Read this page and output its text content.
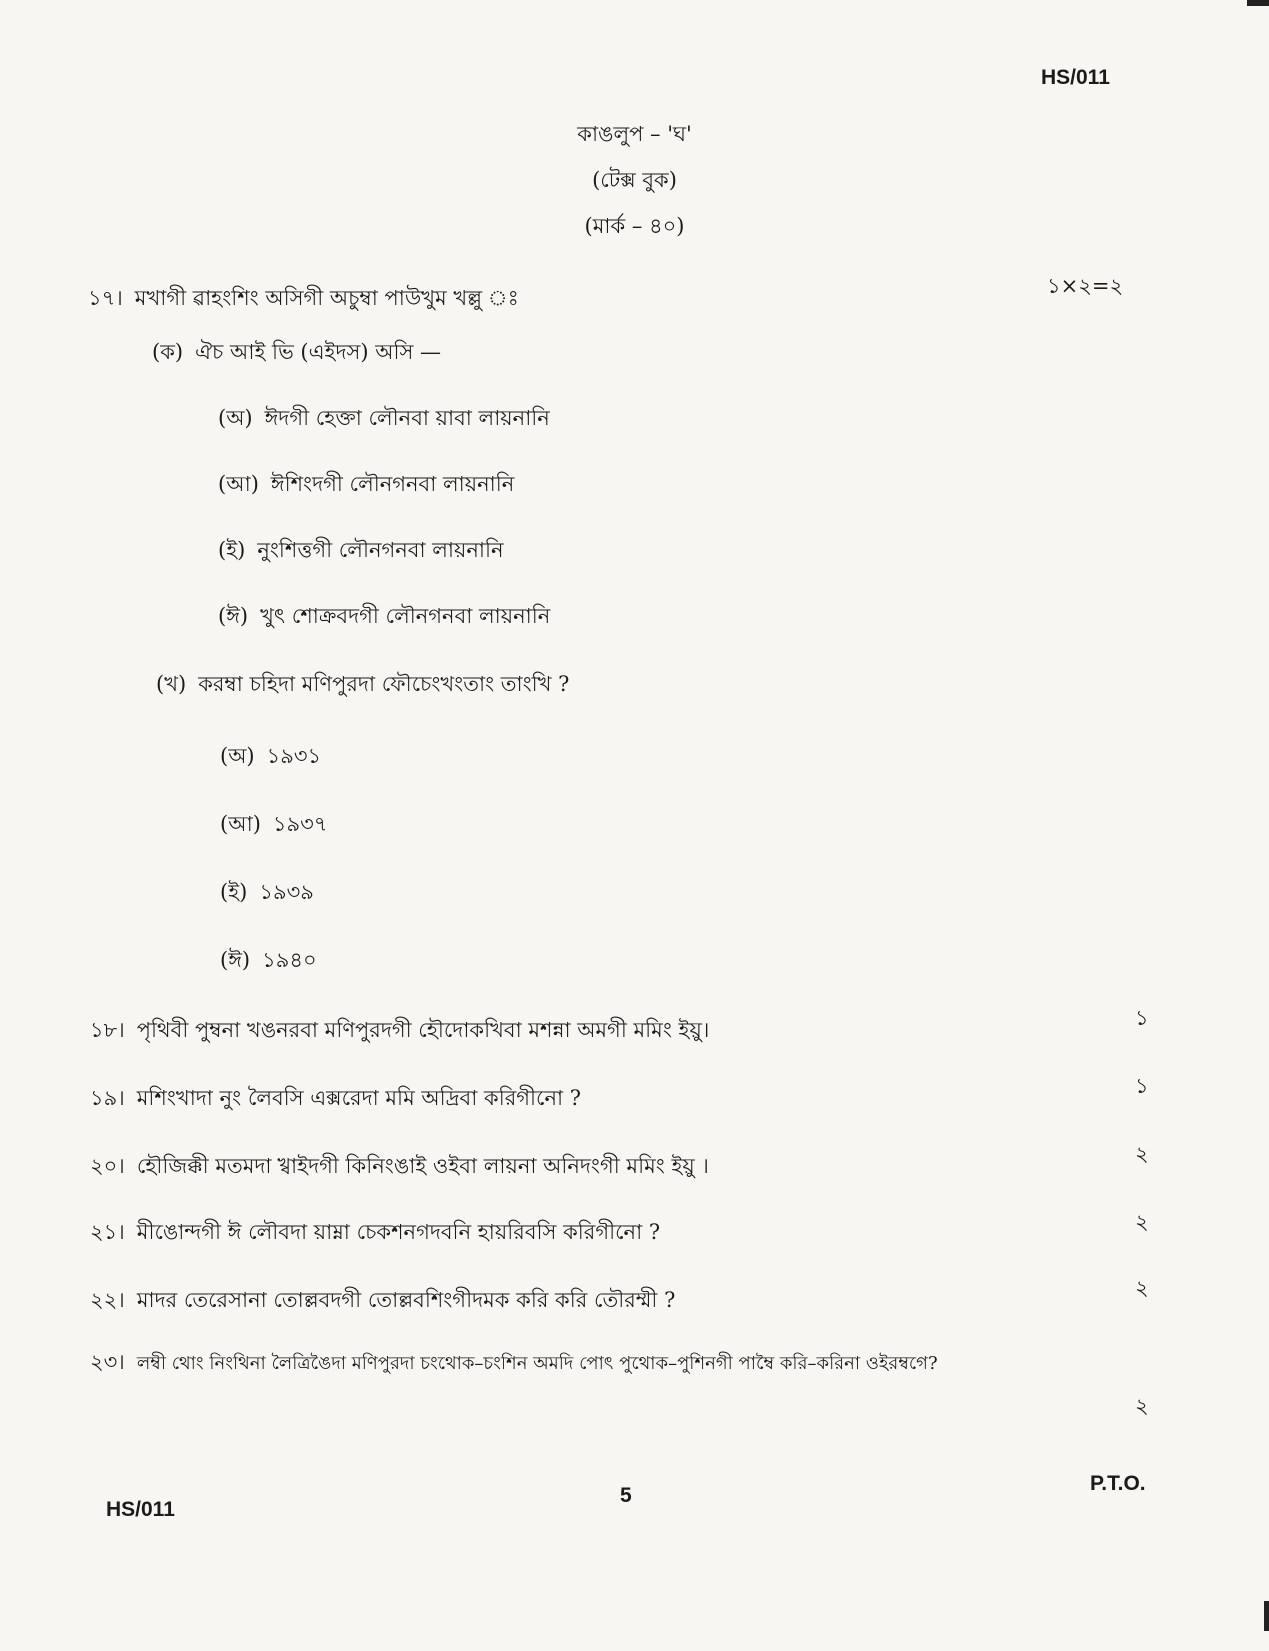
HS/011
কাঙলুপ – 'ঘ'
(টেক্স বুক)
(মার্ক – ৪০)
১৭। মখাগী ৱাহংশিং অসিগী অচুম্বা পাউখুম খল্লু ঃ	১×২=২
(ক) ঐচ আই ভি (এইদস) অসি —
(অ) ঈদগী হেক্তা লৌনবা য়াবা লায়নানি
(আ) ঈশিংদগী লৌনগনবা লায়নানি
(ই) নুংশিত্তগী লৌনগনবা লায়নানি
(ঈ) খুৎ শোক্রবদগী লৌনগনবা লায়নানি
(খ) করম্বা চহিদা মণিপুরদা ফৌচেংখংতাং তাংখি ?
(অ) ১৯৩১
(আ) ১৯৩৭
(ই) ১৯৩৯
(ঈ) ১৯৪০
১৮। পৃথিবী পুম্বনা খঙনরবা মণিপুরদগী হৌদোকখিবা মশন্না অমগী মমিং ইয়ু।	১
১৯। মশিংখাদা নুং লৈবসি এক্সরেদা মমি অদ্রিবা করিগীনো ?	১
২০। হৌজিক্কী মতমদা খ্বাইদগী কিনিংঙাই ওইবা লায়না অনিদংগী মমিং ইয়ু ।	২
২১। মীঙোন্দগী ঈ লৌবদা য়াম্না চেকশনগদবনি হায়রিবসি করিগীনো ?	২
২২। মাদর তেরেসানা তোল্লবদগী তোল্লবশিংগীদমক করি করি তৌরম্মী ?	২
২৩। লম্বী থোং নিংথিনা লৈত্রিঙৈদা মণিপুরদা চংথোক–চংশিন অমদি পোৎ পুথোক–পুশিনগী পাম্বৈ করি–করিনা ওইরম্বগে?
২
HS/011
5
P.T.O.
